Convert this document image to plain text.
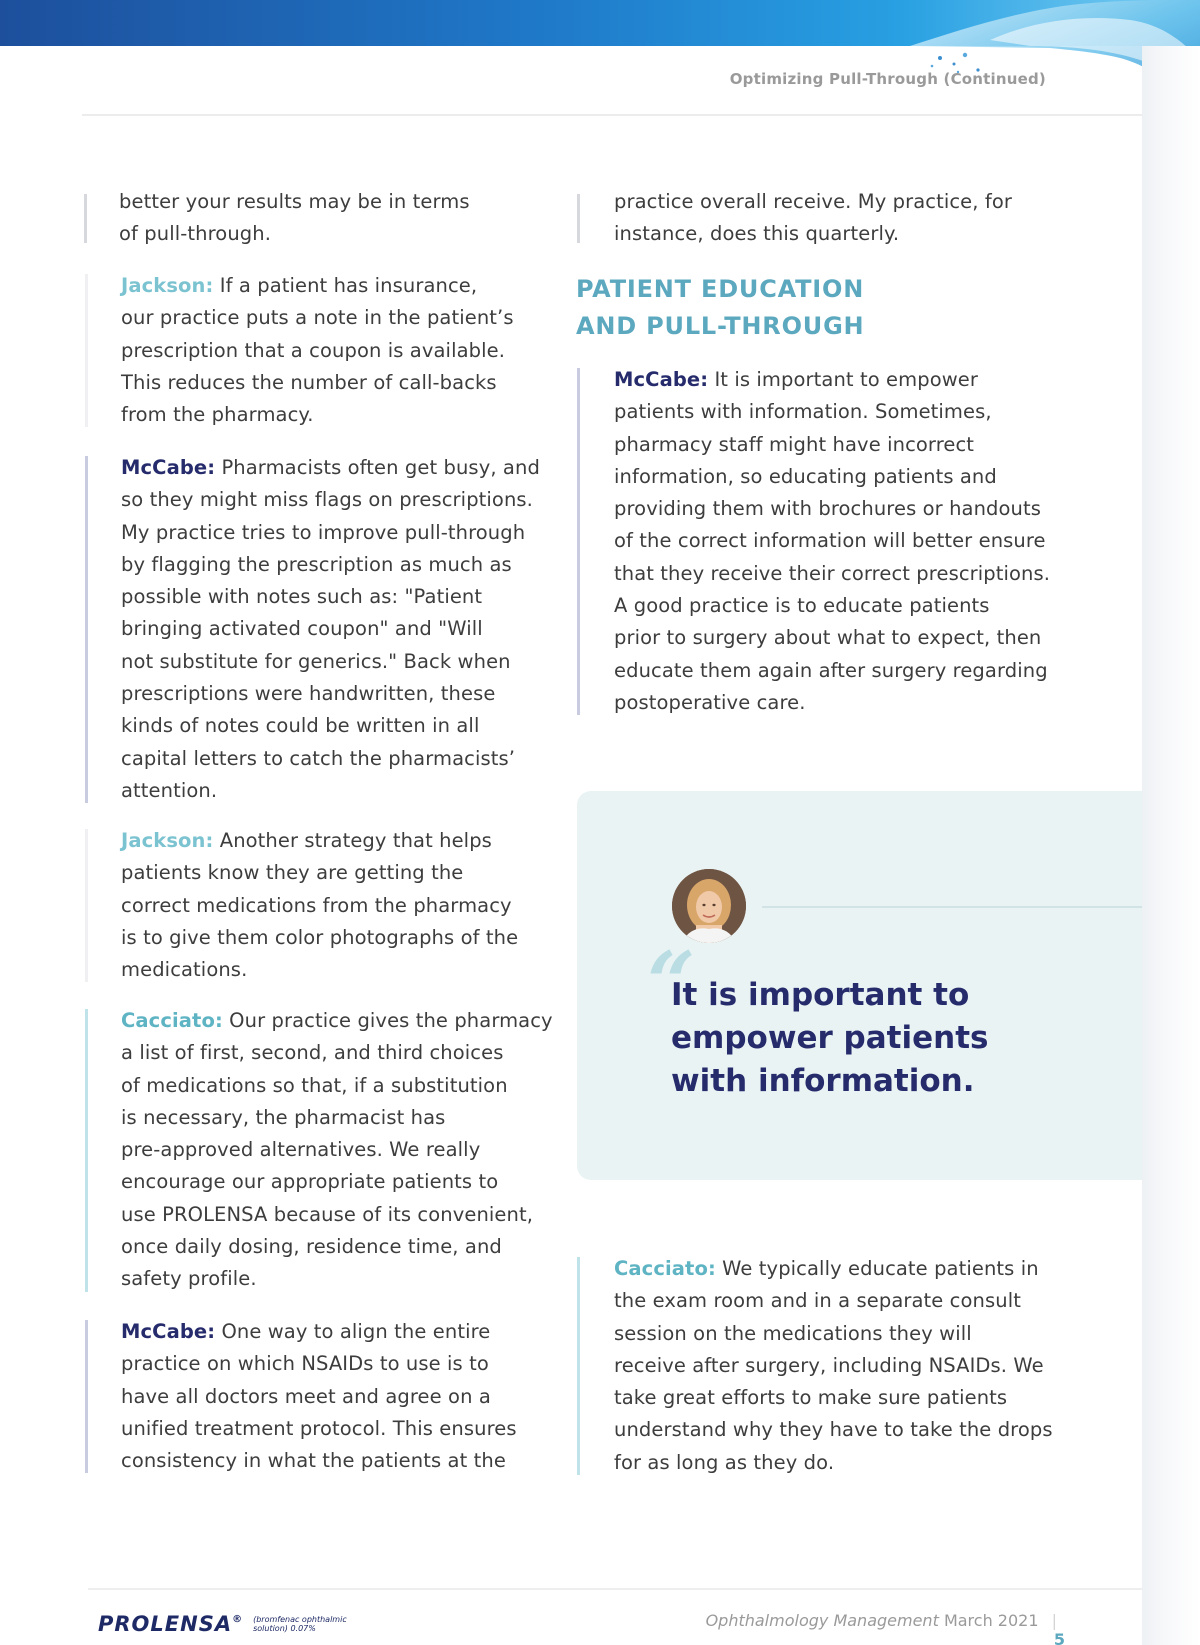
Optimizing Pull-Through (Continued)
better your results may be in terms
of pull-through.
Jackson: If a patient has insurance,
our practice puts a note in the patient’s
prescription that a coupon is available.
This reduces the number of call-backs
from the pharmacy.
McCabe: Pharmacists often get busy, and
so they might miss flags on prescriptions.
My practice tries to improve pull-through
by flagging the prescription as much as
possible with notes such as: "Patient
bringing activated coupon" and "Will
not substitute for generics." Back when
prescriptions were handwritten, these
kinds of notes could be written in all
capital letters to catch the pharmacists’
attention.
Jackson: Another strategy that helps
patients know they are getting the
correct medications from the pharmacy
is to give them color photographs of the
medications.
Cacciato: Our practice gives the pharmacy
a list of first, second, and third choices
of medications so that, if a substitution
is necessary, the pharmacist has
pre-approved alternatives. We really
encourage our appropriate patients to
use PROLENSA because of its convenient,
once daily dosing, residence time, and
safety profile.
McCabe: One way to align the entire
practice on which NSAIDs to use is to
have all doctors meet and agree on a
unified treatment protocol. This ensures
consistency in what the patients at the
practice overall receive. My practice, for
instance, does this quarterly.
PATIENT EDUCATION AND PULL-THROUGH
McCabe: It is important to empower
patients with information. Sometimes,
pharmacy staff might have incorrect
information, so educating patients and
providing them with brochures or handouts
of the correct information will better ensure
that they receive their correct prescriptions.
A good practice is to educate patients
prior to surgery about what to expect, then
educate them again after surgery regarding
postoperative care.
“
It is important to empower patients with information.
Cacciato: We typically educate patients in
the exam room and in a separate consult
session on the medications they will
receive after surgery, including NSAIDs. We
take great efforts to make sure patients
understand why they have to take the drops
for as long as they do.
PROLENSA ® (bromfenac ophthalmic solution) 0.07%	Ophthalmology Management March 2021 | 5
